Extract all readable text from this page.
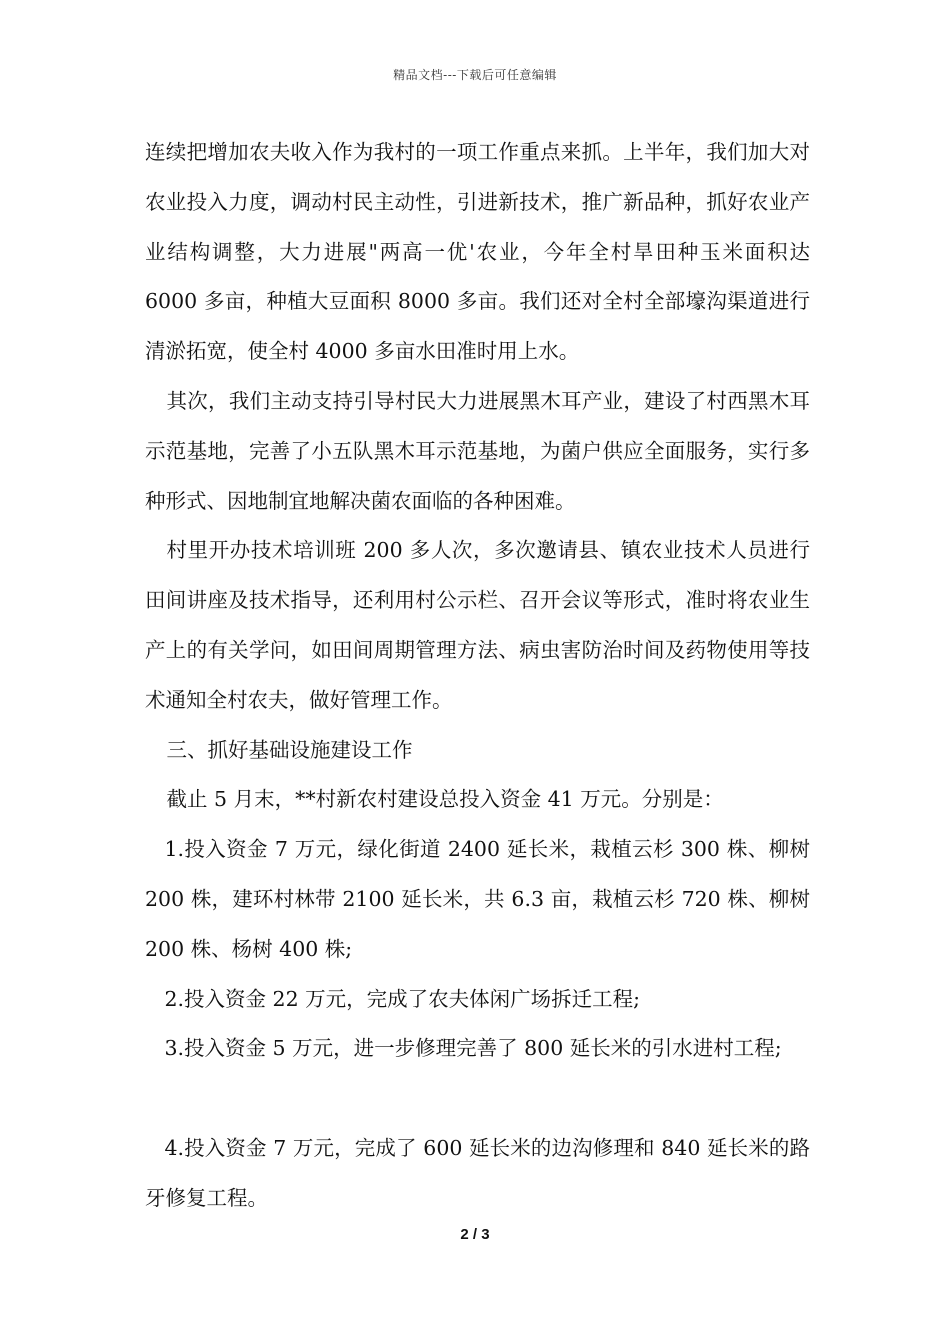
精品文档---下载后可任意编辑

连续把增加农夫收入作为我村的一项工作重点来抓。上半年，我们加大对农业投入力度，调动村民主动性，引进新技术，推广新品种，抓好农业产业结构调整，大力进展"两高一优'农业，今年全村旱田种玉米面积达 6000 多亩，种植大豆面积 8000 多亩。我们还对全村全部壕沟渠道进行清淤拓宽，使全村 4000 多亩水田准时用上水。

其次，我们主动支持引导村民大力进展黑木耳产业，建设了村西黑木耳示范基地，完善了小五队黑木耳示范基地，为菌户供应全面服务，实行多种形式、因地制宜地解决菌农面临的各种困难。

村里开办技术培训班 200 多人次，多次邀请县、镇农业技术人员进行田间讲座及技术指导，还利用村公示栏、召开会议等形式，准时将农业生产上的有关学问，如田间周期管理方法、病虫害防治时间及药物使用等技术通知全村农夫，做好管理工作。

三、抓好基础设施建设工作

截止 5 月末，**村新农村建设总投入资金 41 万元。分别是：

1.投入资金 7 万元，绿化街道 2400 延长米，栽植云杉 300 株、柳树 200 株，建环村林带 2100 延长米，共 6.3 亩，栽植云杉 720 株、柳树 200 株、杨树 400 株;

2.投入资金 22 万元，完成了农夫体闲广场拆迁工程;

3.投入资金 5 万元，进一步修理完善了 800 延长米的引水进村工程;

4.投入资金 7 万元，完成了 600 延长米的边沟修理和 840 延长米的路牙修复工程。

2 / 3
